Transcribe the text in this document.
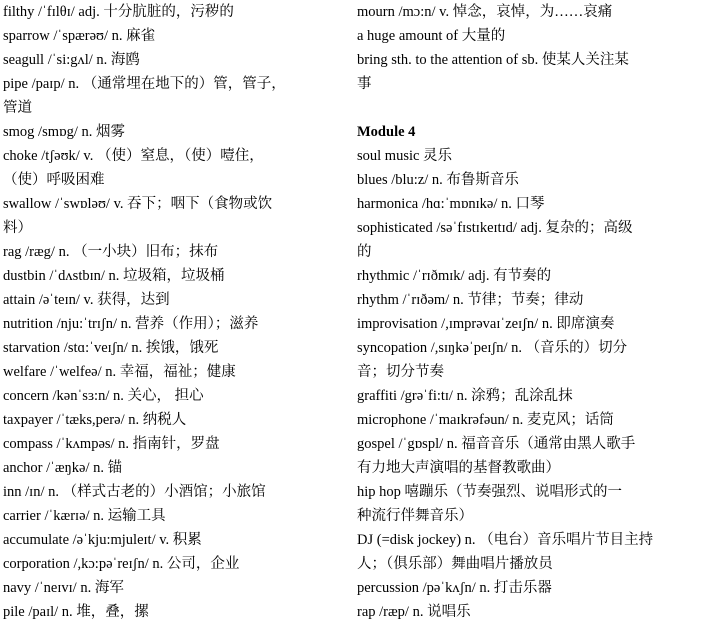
filthy /ˈfɪlθɪ/ adj. 十分肮脏的，污秽的
sparrow /ˈspærəʊ/ n. 麻雀
seagull /ˈsi:gʌl/ n. 海鸥
pipe /paɪp/ n. （通常埋在地下的）管，管子，
管道
smog /smɒg/ n. 烟雾
choke /tʃəʊk/ v. （使）窒息，（使）噎住，
（使）呼吸困难
swallow /ˈswɒləʊ/ v. 吞下；咽下（食物或饮
料）
rag /ræg/ n. （一小块）旧布；抹布
dustbin /ˈdʌstbɪn/ n. 垃圾箱，垃圾桶
attain /əˈteɪn/ v. 获得，达到
nutrition /nju:ˈtrɪʃn/ n. 营养（作用）；滋养
starvation /stɑ:ˈveɪʃn/ n. 挨饿，饿死
welfare /ˈwelfeə/ n. 幸福，福祉；健康
concern /kənˈsɜ:n/ n. 关心， 担心
taxpayer /ˈtæks,perə/ n. 纳税人
compass /ˈkʌmpəs/ n. 指南针，罗盘
anchor /ˈæŋkə/ n. 锚
inn /ɪn/ n. （样式古老的）小酒馆；小旅馆
carrier /ˈkærɪə/ n. 运输工具
accumulate /əˈkju:mjuleɪt/ v. 积累
corporation /,kɔ:pəˈreɪʃn/ n. 公司，企业
navy /ˈneɪvɪ/ n. 海军
pile /paɪl/ n. 堆，叠，摞
mourn /mɔ:n/ v. 悼念，哀悼，为……哀痛
a huge amount of 大量的
bring sth. to the attention of sb. 使某人关注某
事
Module 4
soul music 灵乐
blues /blu:z/ n. 布鲁斯音乐
harmonica /hɑ:ˈmɒnɪkə/ n. 口琴
sophisticated /səˈfɪstɪkeɪtɪd/ adj. 复杂的；高级
的
rhythmic /ˈrɪðmɪk/ adj. 有节奏的
rhythm /ˈrɪðəm/ n. 节律；节奏；律动
improvisation /,ɪmprəvaɪˈzeɪʃn/ n. 即席演奏
syncopation /,sɪŋkəˈpeɪʃn/ n. （音乐的）切分
音；切分节奏
graffiti /grəˈfi:tɪ/ n. 涂鸦；乱涂乱抹
microphone /ˈmaɪkrəfəun/ n. 麦克风；话筒
gospel /ˈgɒspl/ n. 福音音乐（通常由黑人歌手
有力地大声演唱的基督教歌曲）
hip hop 嘻蹦乐（节奏强烈、说唱形式的一
种流行伴舞音乐）
DJ (=disk jockey) n. （电台）音乐唱片节目主持
人；（俱乐部）舞曲唱片播放员
percussion /pəˈkʌʃn/ n. 打击乐器
rap /ræp/ n. 说唱乐
